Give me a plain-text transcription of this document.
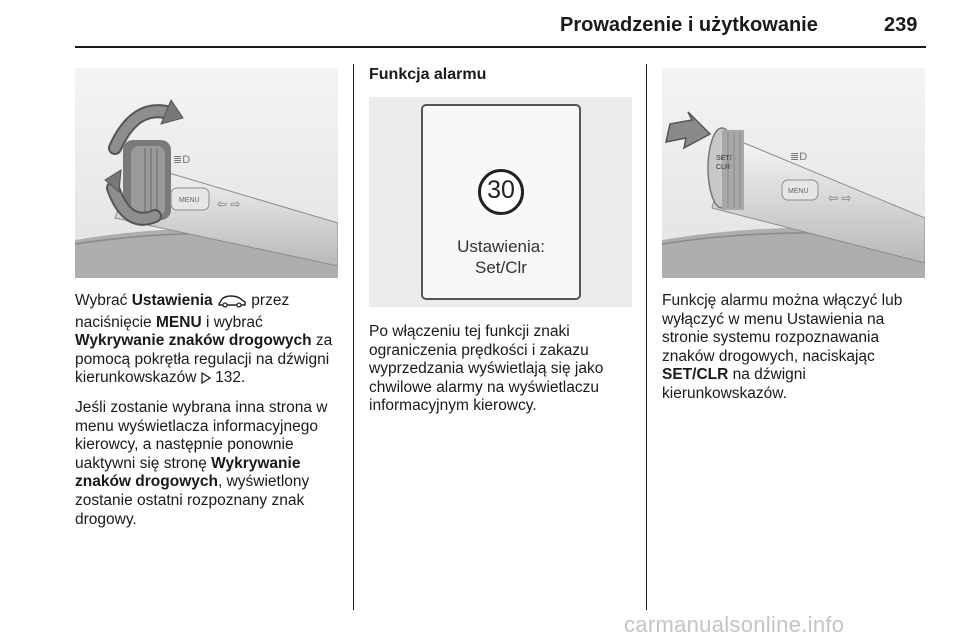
Prowadzenie i użytkowanie	239
MENU ⇦ ⇨
≣D

Wybrać Ustawienia  przez naciśnięcie MENU i wybrać Wykrywanie znaków drogowych za pomocą pokrętła regulacji na dźwigni kierunkowskazów  132.

Jeśli zostanie wybrana inna strona w menu wyświetlacza informacyjnego kierowcy, a następnie ponownie uaktywni się stronę Wykrywanie znaków drogowych, wyświetlony zostanie ostatni rozpoznany znak drogowy.

Funkcja alarmu
30
Ustawienia:
Set/Clr

Po włączeniu tej funkcji znaki ograniczenia prędkości i zakazu wyprzedzania wyświetlają się jako chwilowe alarmy na wyświetlaczu informacyjnym kierowcy.

SET/
CLR
MENU ⇦ ⇨
≣D

Funkcję alarmu można włączyć lub wyłączyć w menu Ustawienia na stronie systemu rozpoznawania znaków drogowych, naciskając SET/CLR na dźwigni kierunkowskazów.

carmanualsonline.info
